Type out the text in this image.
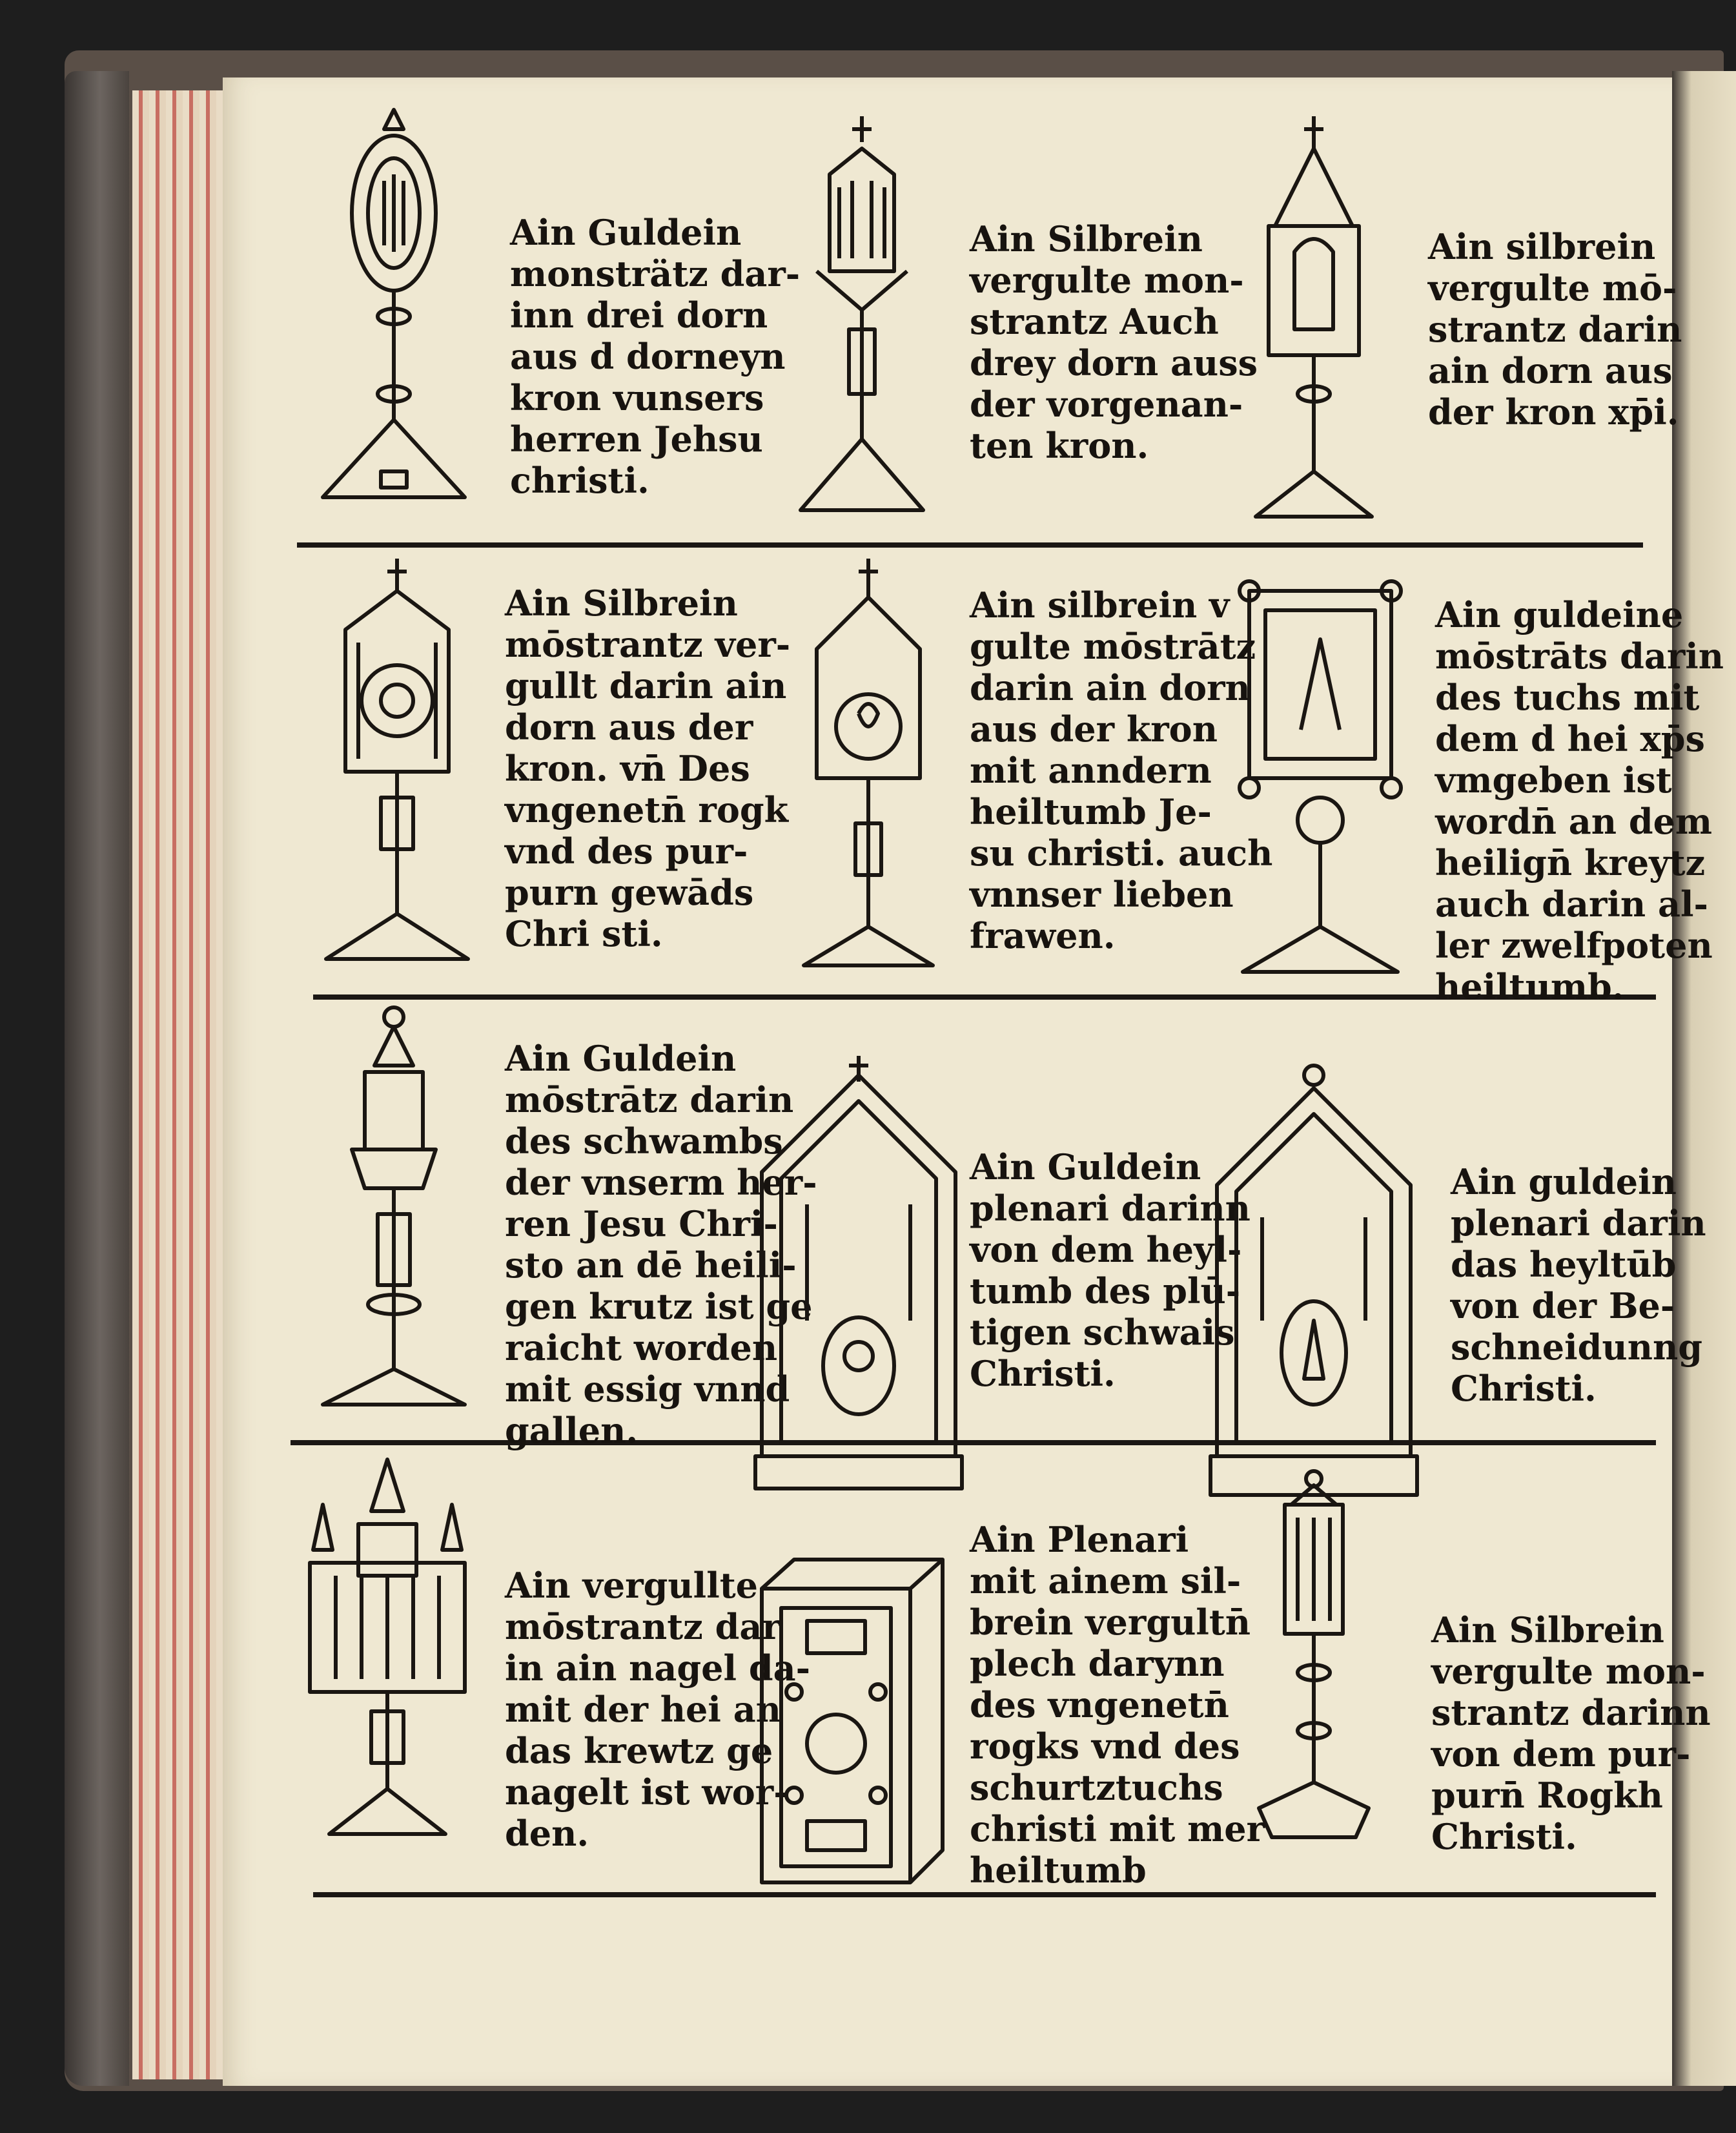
Ain Guldein
monsträtz dar-
inn drei dorn
aus d dorneyn
kron vunsers
herren Jehsu
christi.
Ain Silbrein
vergulte mon-
strantz Auch
drey dorn auss
der vorgenan-
ten kron.
Ain silbrein
vergulte mō-
strantz darin
ain dorn aus
der kron xp̄i.
Ain Silbrein
mōstrantz ver-
gullt darin ain
dorn aus der
kron. vn̄ Des
vngenetn̄ rogk
vnd des pur-
purn gewāds
Chri sti.
Ain silbrein v
gulte mōstrātz
darin ain dorn
aus der kron
mit anndern
heiltumb Je-
su christi. auch
vnnser lieben
frawen.
Ain guldeine
mōstrāts darin
des tuchs mit
dem d hei xp̄s
vmgeben ist
wordn̄ an dem
heilign̄ kreytz
auch darin al-
ler zwelfpoten
heiltumb.
Ain Guldein
mōstrātz darin
des schwambs
der vnserm her-
ren Jesu Chri-
sto an dē heili-
gen krutz ist ge
raicht worden
mit essig vnnd
gallen.
Ain Guldein
plenari darinn
von dem heyl-
tumb des plū-
tigen schwais
Christi.
Ain guldein
plenari darin
das heyltūb
von der Be-
schneidunng
Christi.
Ain vergullte
mōstrantz dar
in ain nagel da-
mit der hei an
das krewtz ge
nagelt ist wor-
den.
Ain Plenari
mit ainem sil-
brein vergultn̄
plech darynn
des vngenetn̄
rogks vnd des
schurtztuchs
christi mit mer
heiltumb
Ain Silbrein
vergulte mon-
strantz darinn
von dem pur-
purn̄ Rogkh
Christi.
